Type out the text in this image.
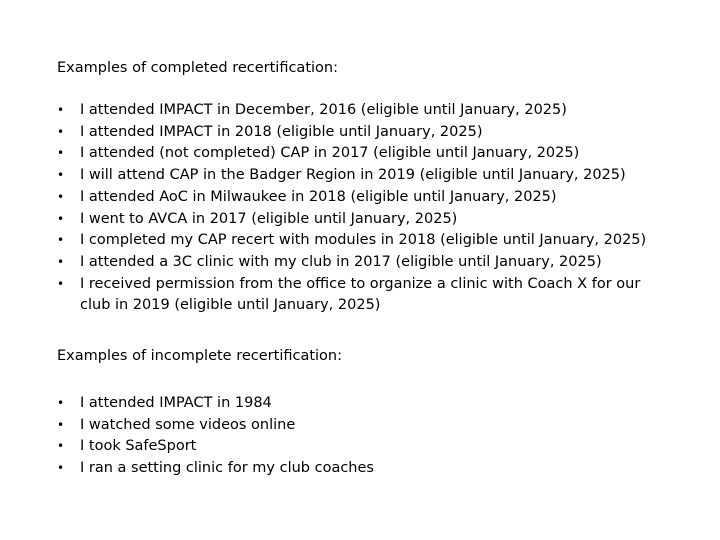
Examples of completed recertification:
• I attended IMPACT in December, 2016 (eligible until January, 2025)
• I attended IMPACT in 2018 (eligible until January, 2025)
• I attended (not completed) CAP in 2017 (eligible until January, 2025)
• I will attend CAP in the Badger Region in 2019 (eligible until January, 2025)
• I attended AoC in Milwaukee in 2018 (eligible until January, 2025)
• I went to AVCA in 2017 (eligible until January, 2025)
• I completed my CAP recert with modules in 2018 (eligible until January, 2025)
• I attended a 3C clinic with my club in 2017 (eligible until January, 2025)
• I received permission from the office to organize a clinic with Coach X for our club in 2019 (eligible until January, 2025)
Examples of incomplete recertification:
• I attended IMPACT in 1984
• I watched some videos online
• I took SafeSport
• I ran a setting clinic for my club coaches
